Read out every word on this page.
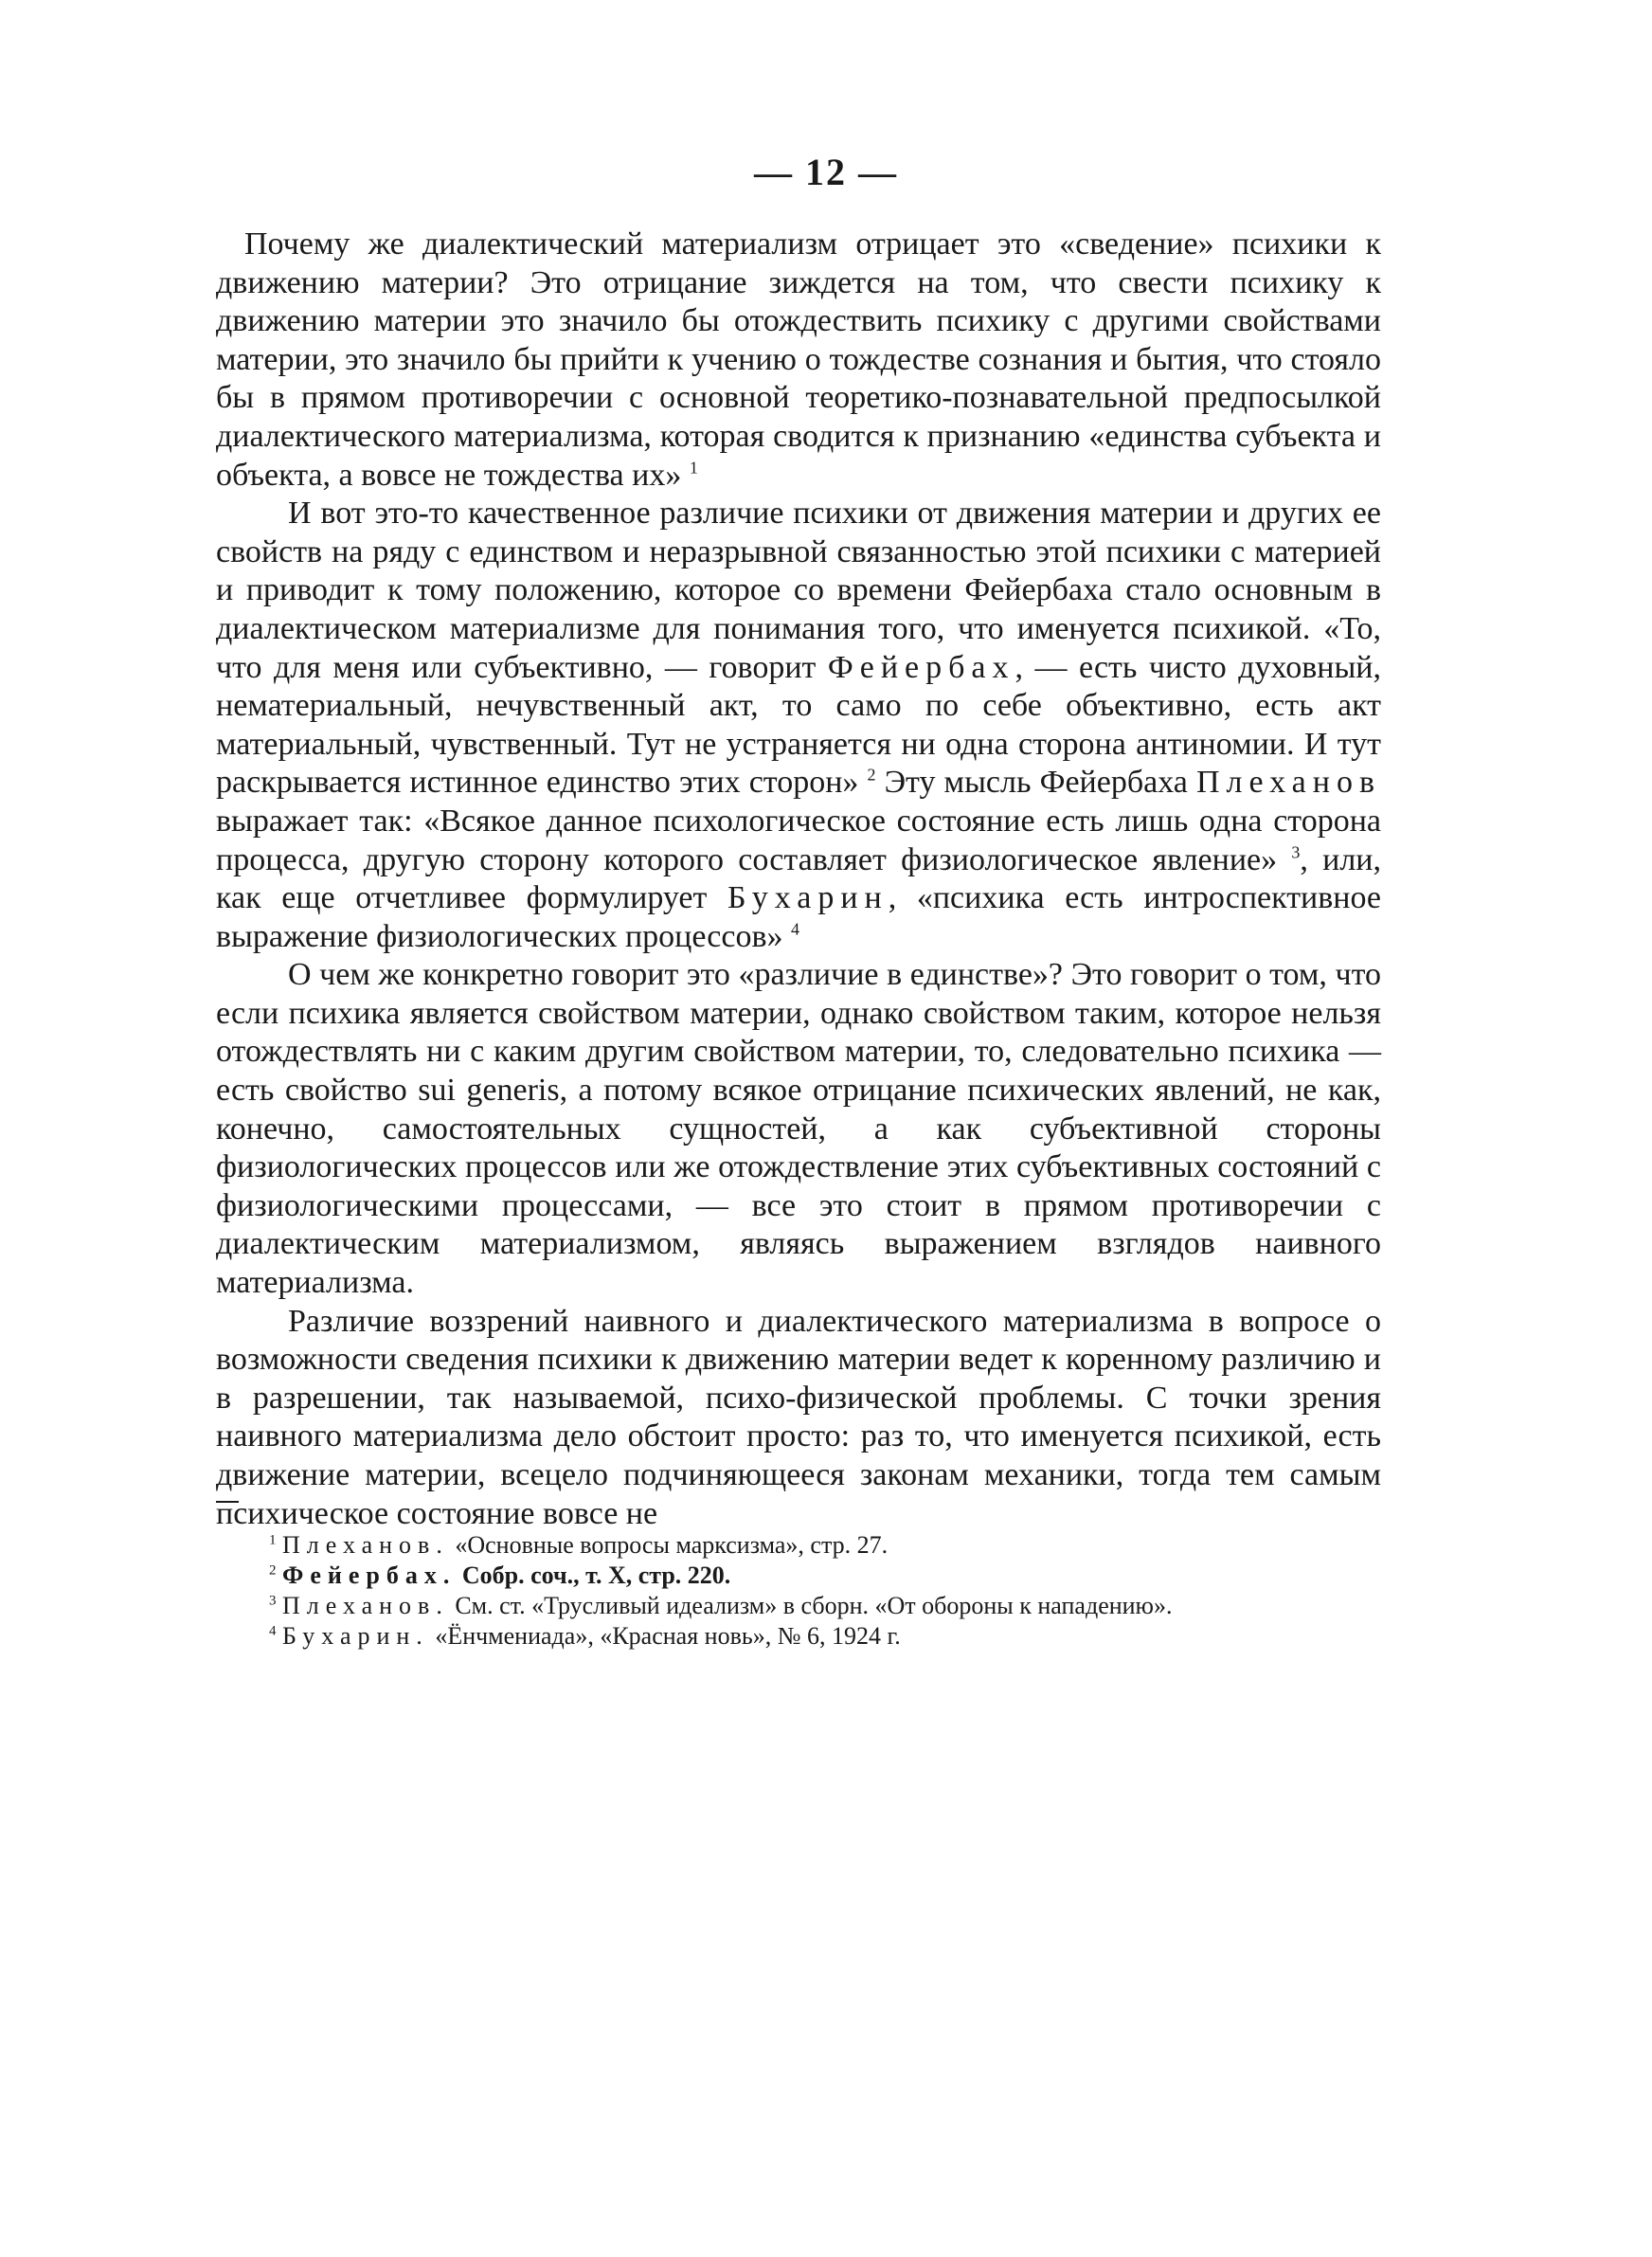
— 12 —

Почему же диалектический материализм отрицает это «сведение» психики к движению материи? Это отрицание зиждется на том, что свести психику к движению материи это значило бы отождествить психику с другими свойствами материи, это значило бы прийти к учению о тождестве сознания и бытия, что стояло бы в прямом противоречии с основной теоретико-познавательной предпосылкой диалектического материализма, которая сводится к признанию «единства субъекта и объекта, а вовсе не тождества их» $^1$

И вот это-то качественное различие психики от движения материи и других ее свойств на ряду с единством и неразрывной связанностью этой психики с материей и приводит к тому положению, которое со времени Фейербаха стало основным в диалектическом материализме для понимания того, что именуется психикой. «То, что для меня или субъективно, — говорит Фейербах, — есть чисто духовный, нематериальный, нечувственный акт, то само по себе объективно, есть акт материальный, чувственный. Тут не устраняется ни одна сторона антиномии. И тут раскрывается истинное единство этих сторон» $^2$ Эту мысль Фейербаха Плеханов выражает так: «Всякое данное психологическое состояние есть лишь одна сторона процесса, другую сторону которого составляет физиологическое явление» $^3$, или, как еще отчетливее формулирует Бухарин, «психика есть интроспективное выражение физиологических процессов» $^4$

О чем же конкретно говорит это «различие в единстве»? Это говорит о том, что если психика является свойством материи, однако свойством таким, которое нельзя отождествлять ни с каким другим свойством материи, то, следовательно психика — есть свойство sui generis, а потому всякое отрицание психических явлений, не как, конечно, самостоятельных сущностей, а как субъективной стороны физиологических процессов или же отождествление этих субъективных состояний с физиологическими процессами, — все это стоит в прямом противоречии с диалектическим материализмом, являясь выражением взглядов наивного материализма.

Различие воззрений наивного и диалектического материализма в вопросе о возможности сведения психики к движению материи ведет к коренному различию и в разрешении, так называемой, психо-физической проблемы. С точки зрения наивного материализма дело обстоит просто: раз то, что именуется психикой, есть движение материи, всецело подчиняющееся законам механики, тогда тем самым психическое состояние вовсе не

$^1$ Плеханов. «Основные вопросы марксизма», стр. 27.

$^2$ Фейербах. Собр. соч., т. X, стр. 220.

$^3$ Плеханов. См. ст. «Трусливый идеализм» в сборн. «От обороны к нападению».

$^4$ Бухарин. «Ёнчмениада», «Красная новь», № 6, 1924 г.
